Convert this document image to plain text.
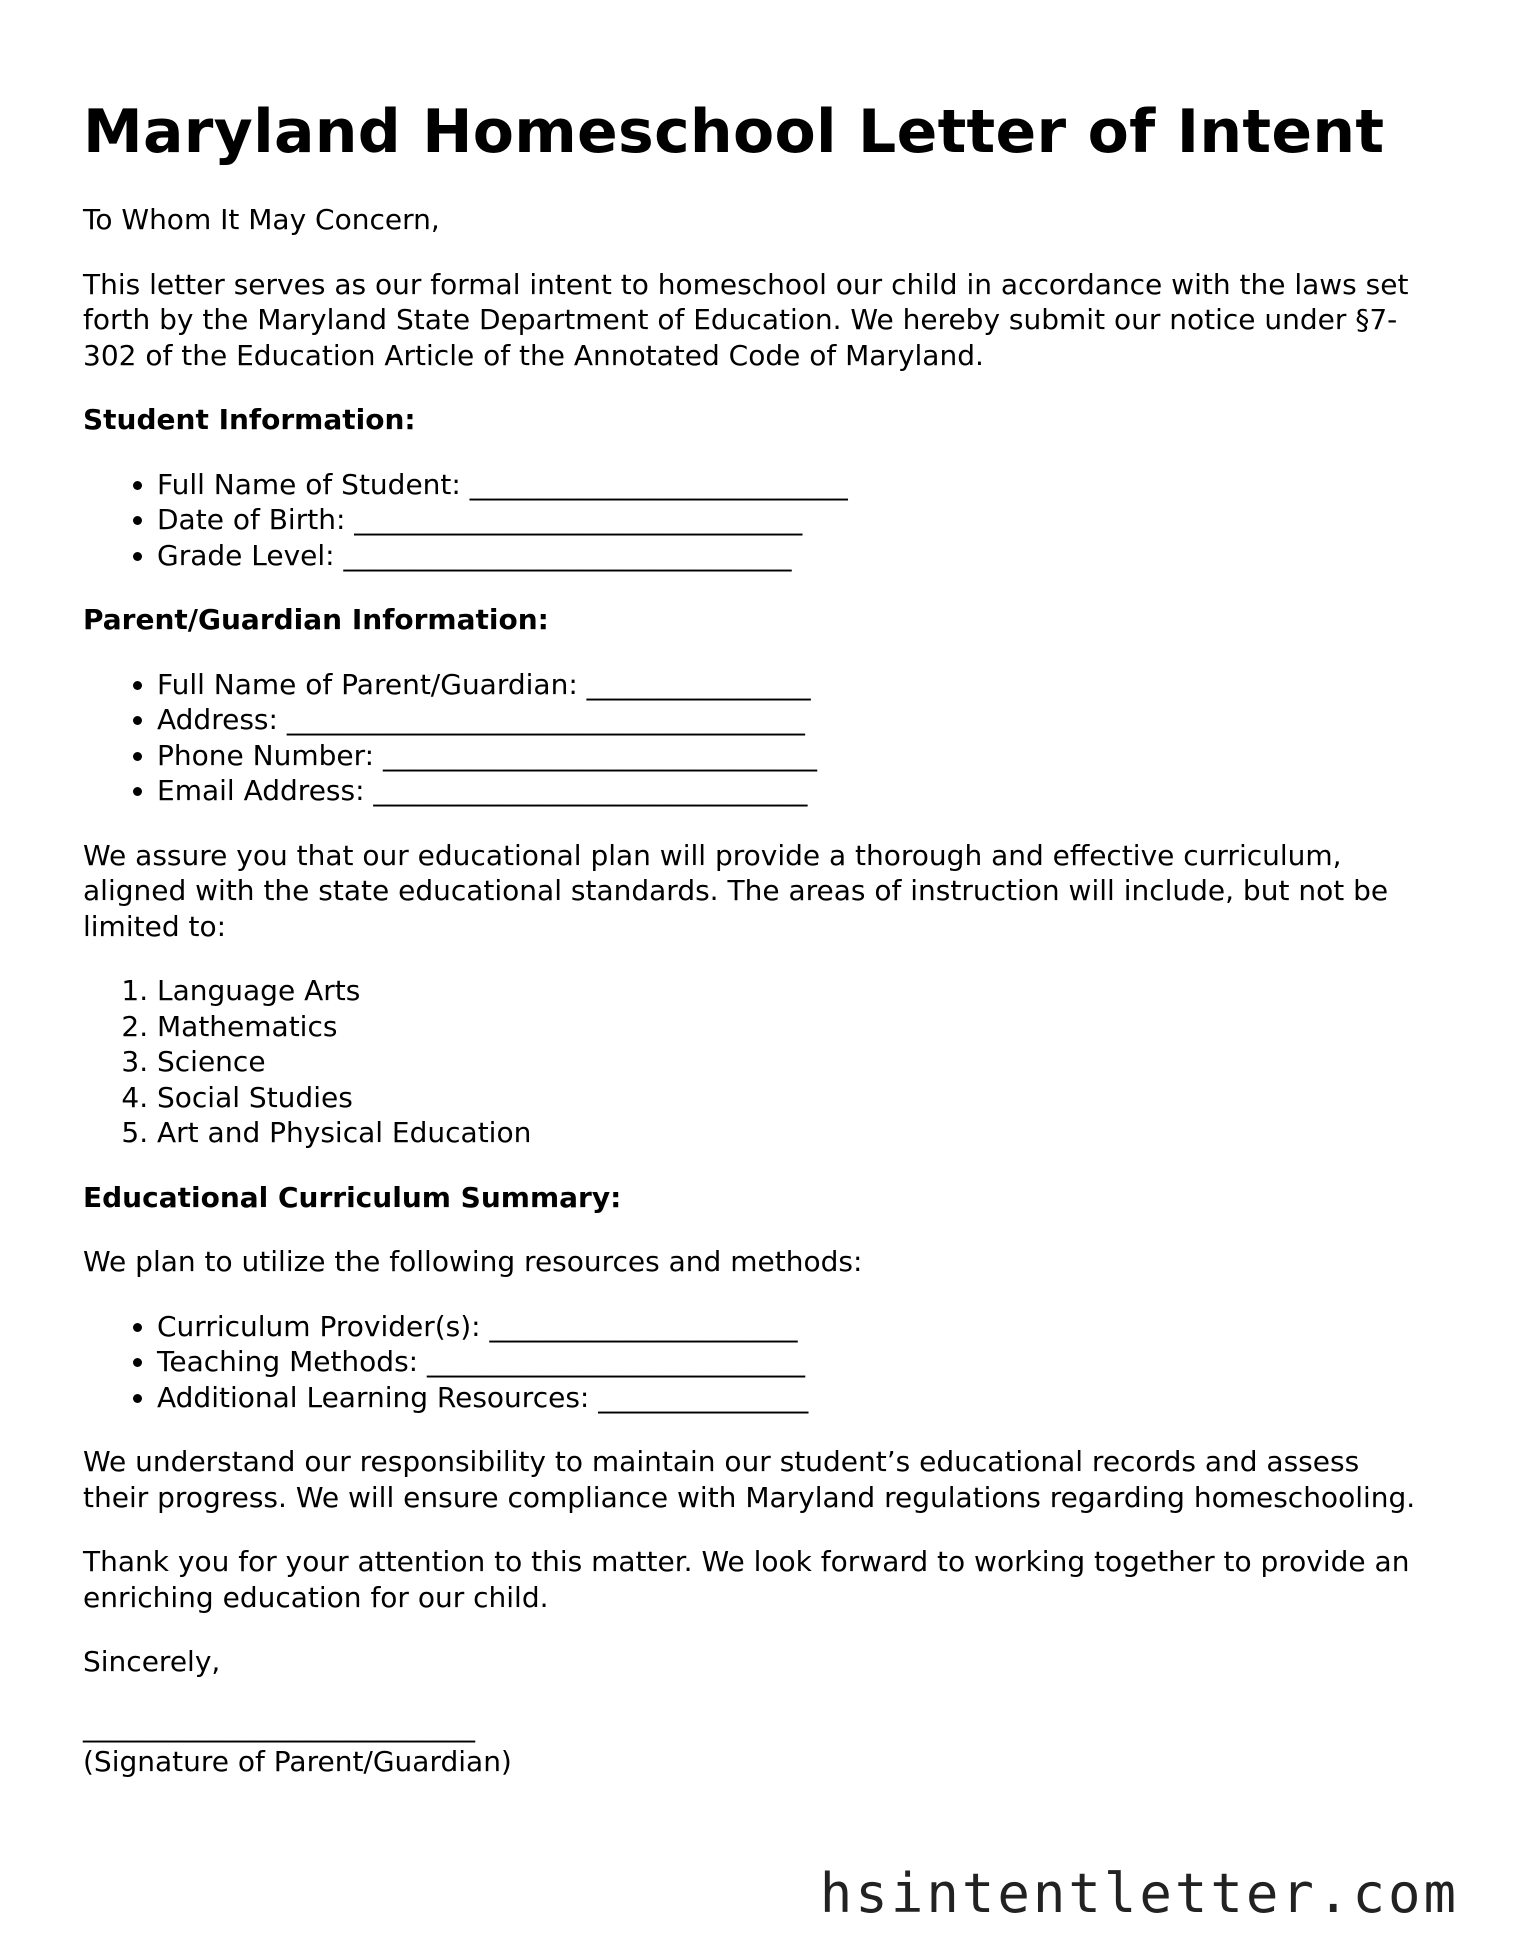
Maryland Homeschool Letter of Intent

To Whom It May Concern,

This letter serves as our formal intent to homeschool our child in accordance with the laws set forth by the Maryland State Department of Education. We hereby submit our notice under §7-302 of the Education Article of the Annotated Code of Maryland.

Student Information:
• Full Name of Student: ___________________________
• Date of Birth: ________________________________
• Grade Level: ________________________________
Parent/Guardian Information:
• Full Name of Parent/Guardian: ________________
• Address: _____________________________________
• Phone Number: _______________________________
• Email Address: _______________________________

We assure you that our educational plan will provide a thorough and effective curriculum, aligned with the state educational standards. The areas of instruction will include, but not be limited to:

1. Language Arts
2. Mathematics
3. Science
4. Social Studies
5. Art and Physical Education
Educational Curriculum Summary:

We plan to utilize the following resources and methods:

• Curriculum Provider(s): ______________________
• Teaching Methods: ___________________________
• Additional Learning Resources: _______________

We understand our responsibility to maintain our student’s educational records and assess their progress. We will ensure compliance with Maryland regulations regarding homeschooling.

Thank you for your attention to this matter. We look forward to working together to provide an enriching education for our child.

Sincerely,

____________________________
(Signature of Parent/Guardian)
hsintentletter.com
